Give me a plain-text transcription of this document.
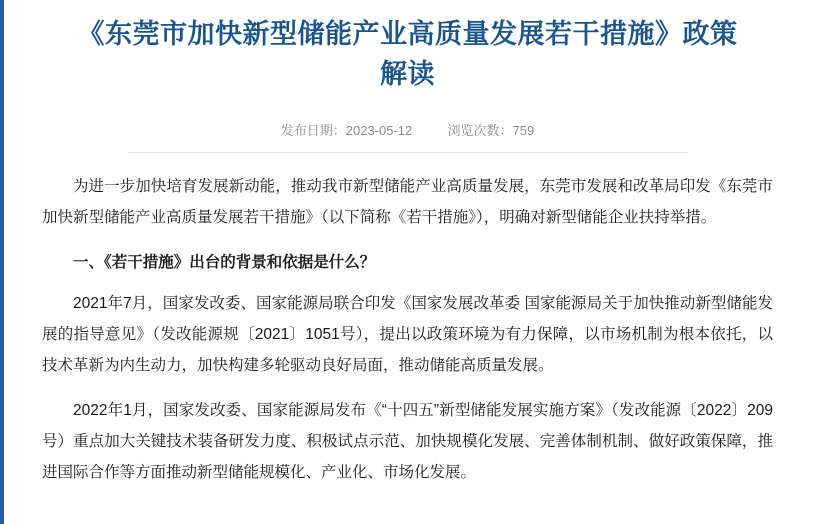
《东莞市加快新型储能产业高质量发展若干措施》政策解读
发布日期：2023-05-12	浏览次数：759

为进一步加快培育发展新动能，推动我市新型储能产业高质量发展，东莞市发展和改革局印发《东莞市加快新型储能产业高质量发展若干措施》（以下简称《若干措施》），明确对新型储能企业扶持举措。

一、《若干措施》出台的背景和依据是什么？

2021年7月，国家发改委、国家能源局联合印发《国家发展改革委 国家能源局关于加快推动新型储能发展的指导意见》（发改能源规〔2021〕1051号），提出以政策环境为有力保障，以市场机制为根本依托，以技术革新为内生动力，加快构建多轮驱动良好局面，推动储能高质量发展。

2022年1月，国家发改委、国家能源局发布《“十四五”新型储能发展实施方案》（发改能源〔2022〕209号）重点加大关键技术装备研发力度、积极试点示范、加快规模化发展、完善体制机制、做好政策保障，推进国际合作等方面推动新型储能规模化、产业化、市场化发展。
